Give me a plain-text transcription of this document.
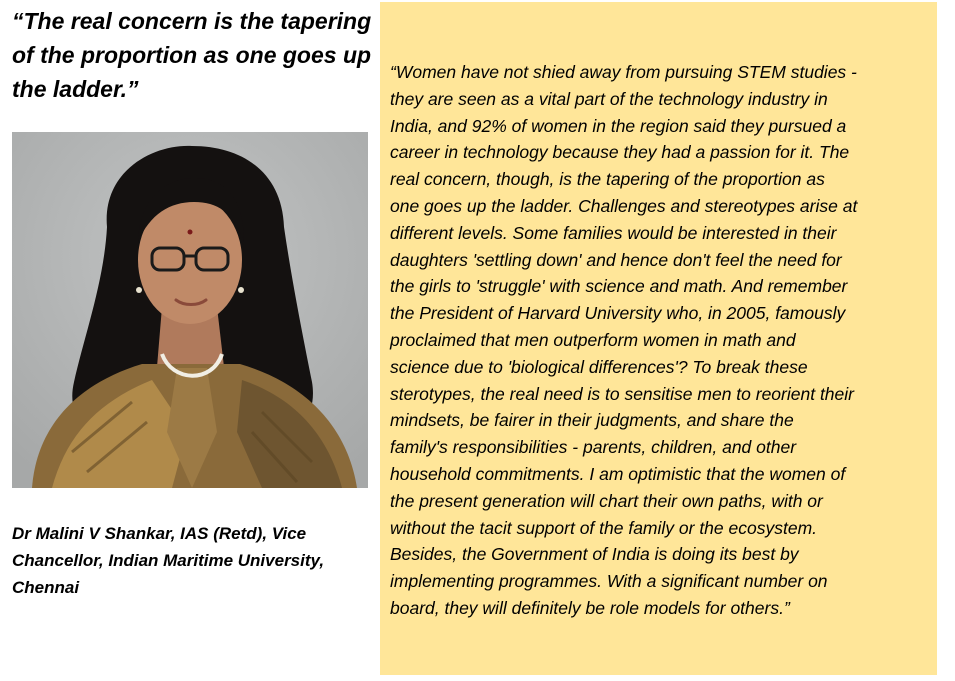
“The real concern is the tapering of the proportion as one goes up the ladder.”

Dr Malini V Shankar, IAS (Retd), Vice Chancellor, Indian Maritime University, Chennai

“Women have not shied away from pursuing STEM studies -
they are seen as a vital part of the technology industry in
India, and 92% of women in the region said they pursued a
career in technology because they had a passion for it. The
real concern, though, is the tapering of the proportion as
one goes up the ladder. Challenges and stereotypes arise at
different levels. Some families would be interested in their
daughters 'settling down' and hence don't feel the need for
the girls to 'struggle' with science and math. And remember
the President of Harvard University who, in 2005, famously
proclaimed that men outperform women in math and
science due to 'biological differences'? To break these
sterotypes, the real need is to sensitise men to reorient their
mindsets, be fairer in their judgments, and share the
family's responsibilities - parents, children, and other
household commitments. I am optimistic that the women of
the present generation will chart their own paths, with or
without the tacit support of the family or the ecosystem.
Besides, the Government of India is doing its best by
implementing programmes. With a significant number on
board, they will definitely be role models for others.”
